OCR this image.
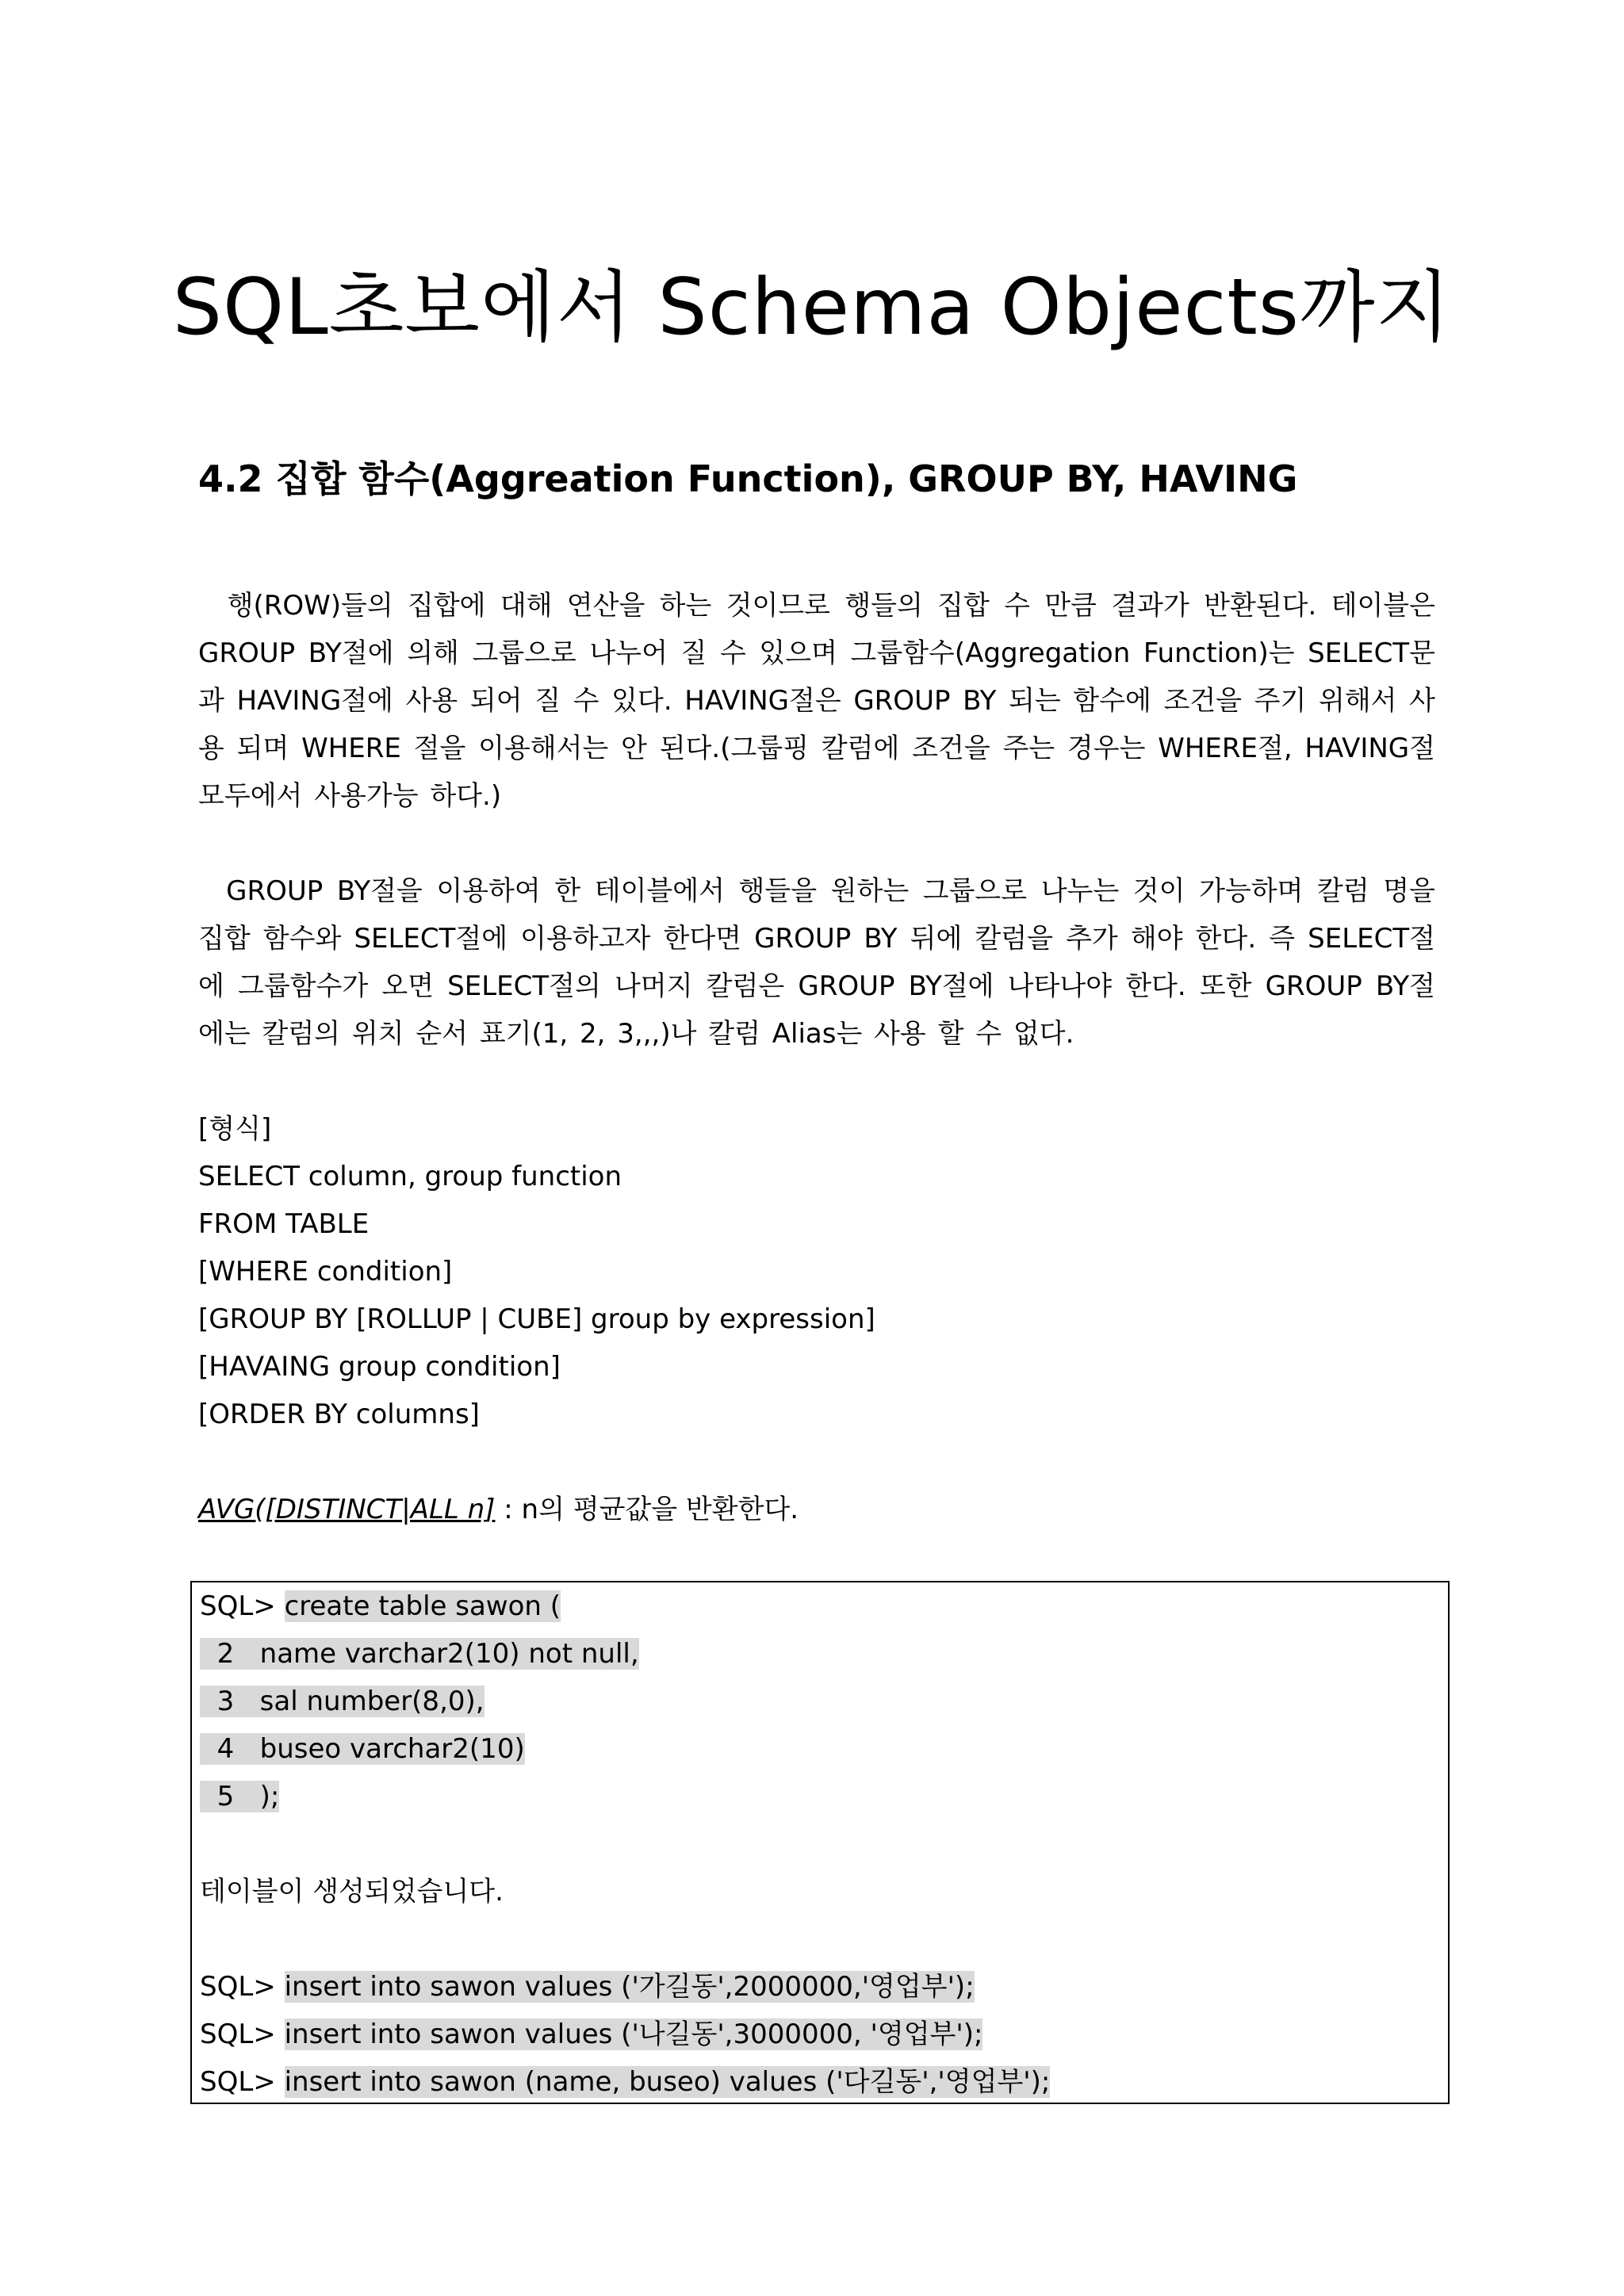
SQL초보에서 Schema Objects까지
4.2 집합 함수(Aggreation Function), GROUP BY, HAVING

행(ROW)들의 집합에 대해 연산을 하는 것이므로 행들의 집합 수 만큼 결과가 반환된다. 테이블은 GROUP BY절에 의해 그룹으로 나누어 질 수 있으며 그룹함수(Aggregation Function)는 SELECT문과 HAVING절에 사용 되어 질 수 있다. HAVING절은 GROUP BY 되는 함수에 조건을 주기 위해서 사용 되며 WHERE 절을 이용해서는 안 된다.(그룹핑 칼럼에 조건을 주는 경우는 WHERE절, HAVING절 모두에서 사용가능 하다.)

GROUP BY절을 이용하여 한 테이블에서 행들을 원하는 그룹으로 나누는 것이 가능하며 칼럼 명을 집합 함수와 SELECT절에 이용하고자 한다면 GROUP BY 뒤에 칼럼을 추가 해야 한다. 즉 SELECT절에 그룹함수가 오면 SELECT절의 나머지 칼럼은 GROUP BY절에 나타나야 한다. 또한 GROUP BY절에는 칼럼의 위치 순서 표기(1, 2, 3,,,)나 칼럼 Alias는 사용 할 수 없다.

[형식]
SELECT column, group function
FROM TABLE
[WHERE condition]
[GROUP BY [ROLLUP | CUBE] group by expression]
[HAVAING group condition]
[ORDER BY columns]
AVG([DISTINCT|ALL n] : n의 평균값을 반환한다.
SQL> create table sawon (
2   name varchar2(10) not null,
3   sal number(8,0),
4   buseo varchar2(10)
5   );
테이블이 생성되었습니다.
SQL> insert into sawon values ('가길동',2000000,'영업부');
SQL> insert into sawon values ('나길동',3000000, '영업부');
SQL> insert into sawon (name, buseo) values ('다길동','영업부');
